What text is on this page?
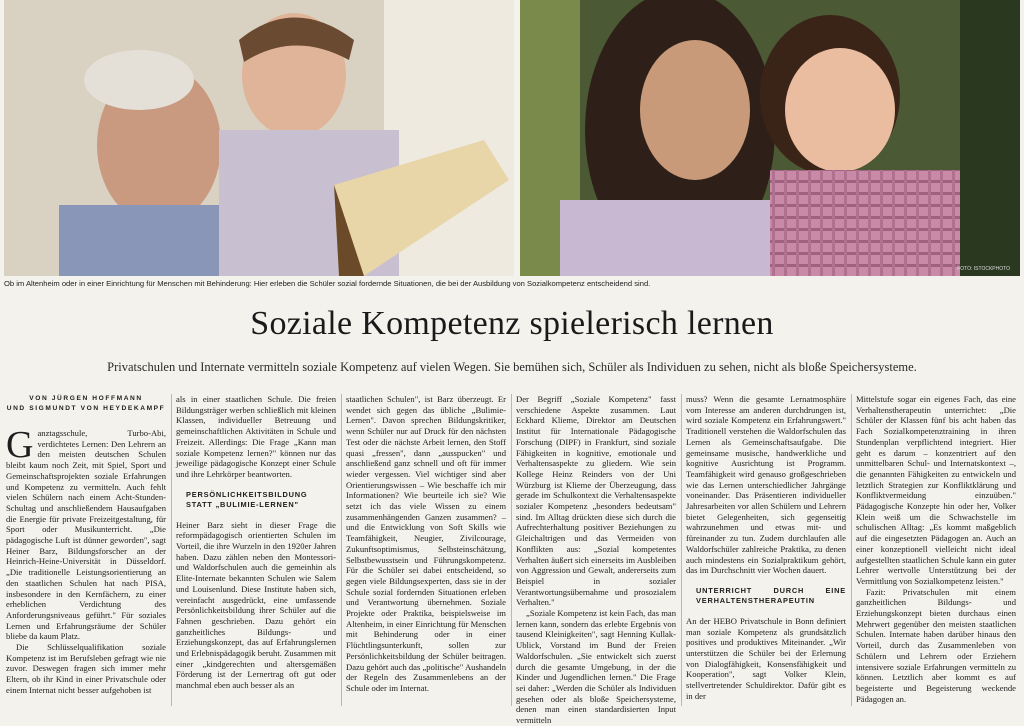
FOTO: ISTOCKPHOTO
Ob im Altenheim oder in einer Einrichtung für Menschen mit Behinderung: Hier erleben die Schüler sozial fordernde Situationen, die bei der Ausbildung von Sozialkompetenz entscheidend sind.
Soziale Kompetenz spielerisch lernen
Privatschulen und Internate vermitteln soziale Kompetenz auf vielen Wegen. Sie bemühen sich, Schüler als Individuen zu sehen, nicht als bloße Speichersysteme.
VON JÜRGEN HOFFMANN
UND SIGMUNDT VON HEYDEKAMPF

Ganztagsschule, Turbo-Abi, verdichtetes Lernen: Den Lehrern an den meisten deutschen Schulen bleibt kaum noch Zeit, mit Spiel, Sport und Gemeinschaftsprojekten soziale Erfahrungen und Kompetenz zu vermitteln. Auch fehlt vielen Schülern nach einem Acht-Stunden-Schultag und anschließendem Hausaufgaben die Energie für private Freizeitgestaltung, für Sport oder Musikunterricht. „Die pädagogische Luft ist dünner geworden", sagt Heiner Barz, Bildungsforscher an der Heinrich-Heine-Universität in Düsseldorf. „Die traditionelle Leistungsorientierung an den staatlichen Schulen hat nach PISA, insbesondere in den Kernfächern, zu einer erheblichen Verdichtung des Anforderungsniveaus geführt." Für soziales Lernen und Erfahrungsräume der Schüler bliebe da kaum Platz.

Die Schlüsselqualifikation soziale Kompetenz ist im Berufsleben gefragt wie nie zuvor. Deswegen fragen sich immer mehr Eltern, ob ihr Kind in einer Privatschule oder einem Internat nicht besser aufgehoben ist

als in einer staatlichen Schule. Die freien Bildungsträger werben schließlich mit kleinen Klassen, individueller Betreuung und gemeinschaftlichen Aktivitäten in Schule und Freizeit. Allerdings: Die Frage „Kann man soziale Kompetenz lernen?" können nur das jeweilige pädagogische Konzept einer Schule und ihre Lehrkörper beantworten.

PERSÖNLICHKEITSBILDUNG STATT „BULIMIE-LERNEN"

Heiner Barz sieht in dieser Frage die reformpädagogisch orientierten Schulen im Vorteil, die ihre Wurzeln in den 1920er Jahren haben. Dazu zählen neben den Montessori- und Waldorfschulen auch die gemeinhin als Elite-Internate bekannten Schulen wie Salem und Louisenlund. Diese Institute haben sich, vereinfacht ausgedrückt, eine umfassende Persönlichkeitsbildung ihrer Schüler auf die Fahnen geschrieben. Dazu gehört ein ganzheitliches Bildungs- und Erziehungskonzept, das auf Erfahrungslernen und Erlebnispädagogik beruht. Zusammen mit einer „kindgerechten und altersgemäßen Förderung ist der Lernertrag oft gut oder manchmal eben auch besser als an

staatlichen Schulen", ist Barz überzeugt. Er wendet sich gegen das übliche „Bulimie-Lernen". Davon sprechen Bildungskritiker, wenn Schüler nur auf Druck für den nächsten Test oder die nächste Arbeit lernen, den Stoff quasi „fressen", dann „ausspucken" und anschließend ganz schnell und oft für immer wieder vergessen. Viel wichtiger sind aber Orientierungswissen – Wie beschaffe ich mir Informationen? Wie beurteile ich sie? Wie setzt ich das viele Wissen zu einem zusammenhängenden Ganzen zusammen? – und die Entwicklung von Soft Skills wie Teamfähigkeit, Neugier, Zivilcourage, Zukunftsoptimismus, Selbsteinschätzung, Selbstbewusstsein und Führungskompetenz. Für die Schüler sei dabei entscheidend, so gegen viele Bildungsexperten, dass sie in der Schule sozial fordernden Situationen erleben und Verantwortung übernehmen. Soziale Projekte oder Praktika, beispielsweise im Altenheim, in einer Einrichtung für Menschen mit Behinderung oder in einer Flüchtlingsunterkunft, sollen zur Persönlichkeitsbildung der Schüler beitragen. Dazu gehört auch das „politische" Aushandeln der Regeln des Zusammenlebens an der Schule oder im Internat.

Der Begriff „Soziale Kompetenz" fasst verschiedene Aspekte zusammen. Laut Eckhard Klieme, Direktor am Deutschen Institut für Internationale Pädagogische Forschung (DIPF) in Frankfurt, sind soziale Fähigkeiten in kognitive, emotionale und Verhaltensaspekte zu gliedern. Wie sein Kollege Heinz Reinders von der Uni Würzburg ist Klieme der Überzeugung, dass gerade im Schulkontext die Verhaltensaspekte sozialer Kompetenz „besonders bedeutsam" sind. Im Alltag drückten diese sich durch die Aufrechterhaltung positiver Beziehungen zu Gleichaltrigen und das Vermeiden von Konflikten aus: „Sozial kompetentes Verhalten äußert sich einerseits im Ausbleiben von Aggression und Gewalt, andererseits zum Beispiel in sozialer Verantwortungsübernahme und prosozialem Verhalten."

„Soziale Kompetenz ist kein Fach, das man lernen kann, sondern das erlebte Ergebnis von tausend Kleinigkeiten", sagt Henning Kullak-Ublick, Vorstand im Bund der Freien Waldorfschulen. „Sie entwickelt sich zuerst durch die gesamte Umgebung, in der die Kinder und Jugendlichen lernen." Die Frage sei daher: „Werden die Schüler als Individuen gesehen oder als bloße Speichersysteme, denen man einen standardisierten Input vermitteln

muss? Wenn die gesamte Lernatmosphäre vom Interesse am anderen durchdrungen ist, wird soziale Kompetenz ein Erfahrungswert." Traditionell verstehen die Waldorfschulen das Lernen als Gemeinschaftsaufgabe. Die gemeinsame musische, handwerkliche und kognitive Ausrichtung ist Programm. Teamfähigkeit wird genauso großgeschrieben wie das Lernen unterschiedlicher Jahrgänge voneinander. Das Präsentieren individueller Jahresarbeiten vor allen Schülern und Lehrern bietet Gelegenheiten, sich gegenseitig wahrzunehmen und etwas mit- und füreinander zu tun. Zudem durchlaufen alle Waldorfschüler zahlreiche Praktika, zu denen auch mindestens ein Sozialpraktikum gehört, das im Durchschnitt vier Wochen dauert.

UNTERRICHT DURCH EINE VERHALTENSTHERAPEUTIN

An der HEBO Privatschule in Bonn definiert man soziale Kompetenz als grundsätzlich positives und produktives Miteinander. „Wir unterstützen die Schüler bei der Erlernung von Dialogfähigkeit, Konsensfähigkeit und Kooperation", sagt Volker Klein, stellvertretender Schuldirektor. Dafür gibt es in der

Mittelstufe sogar ein eigenes Fach, das eine Verhaltenstherapeutin unterrichtet: „Die Schüler der Klassen fünf bis acht haben das Fach Sozialkompetenztraining in ihren Stundenplan verpflichtend integriert. Hier geht es darum – konzentriert auf den unmittelbaren Schul- und Internatskontext –, die genannten Fähigkeiten zu entwickeln und letztlich Strategien zur Konfliktklärung und Konfliktvermeidung einzuüben." Pädagogische Konzepte hin oder her, Volker Klein weiß um die Schwachstelle im schulischen Alltag: „Es kommt maßgeblich auf die eingesetzten Pädagogen an. Auch an einer konzeptionell vielleicht nicht ideal aufgestellten staatlichen Schule kann ein guter Lehrer wertvolle Unterstützung bei der Vermittlung von Sozialkompetenz leisten."

Fazit: Privatschulen mit einem ganzheitlichen Bildungs- und Erziehungskonzept bieten durchaus einen Mehrwert gegenüber den meisten staatlichen Schulen. Internate haben darüber hinaus den Vorteil, durch das Zusammenleben von Schülern und Lehrern oder Erziehern intensivere soziale Erfahrungen vermitteln zu können. Letztlich aber kommt es auf begeisterte und Begeisterung weckende Pädagogen an.
